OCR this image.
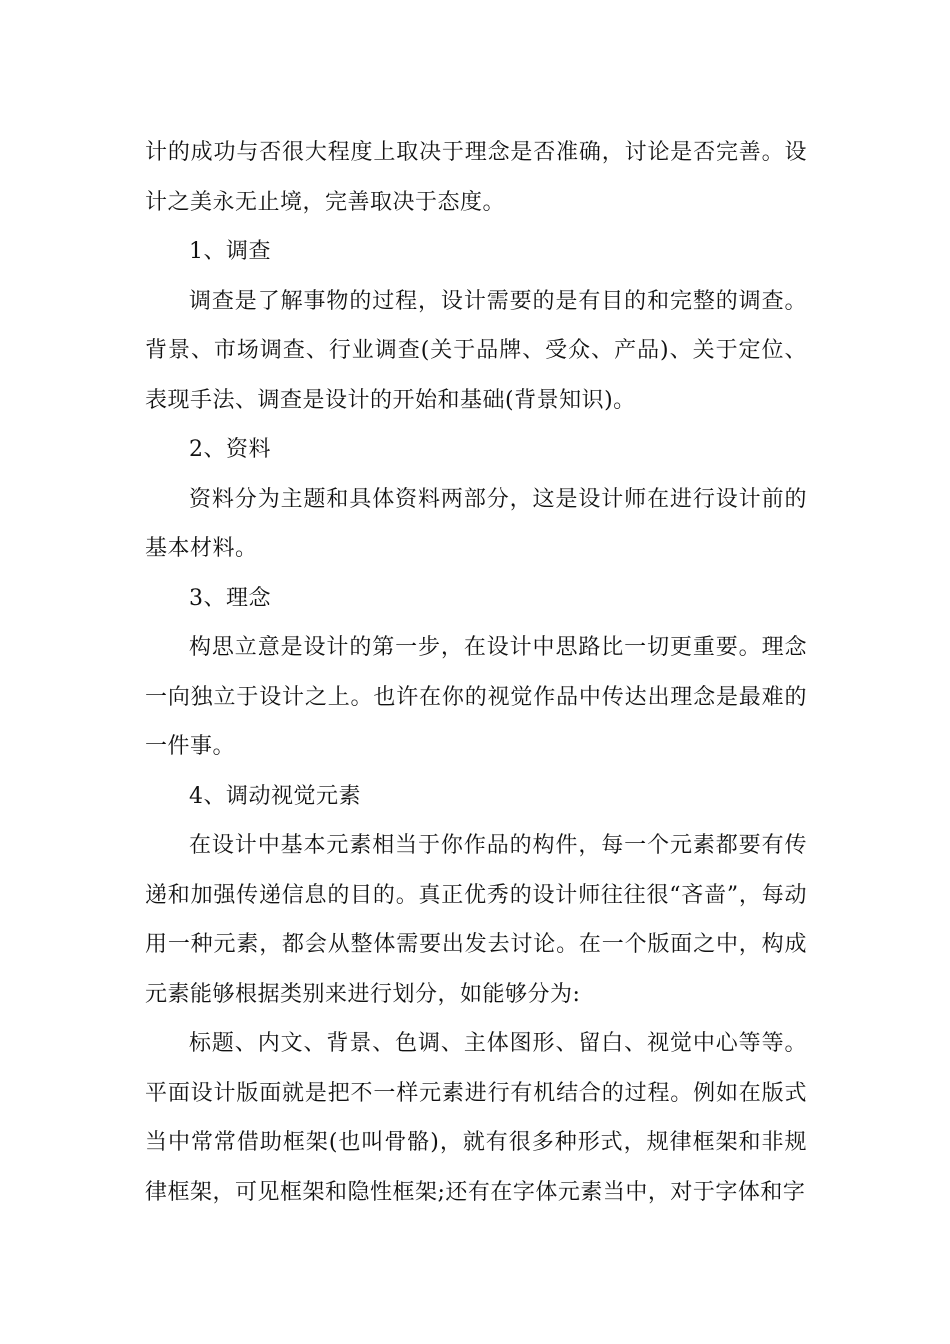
计的成功与否很大程度上取决于理念是否准确，讨论是否完善。设计之美永无止境，完善取决于态度。

1、调查

调查是了解事物的过程，设计需要的是有目的和完整的调查。背景、市场调查、行业调查(关于品牌、受众、产品)、关于定位、表现手法、调查是设计的开始和基础(背景知识)。

2、资料

资料分为主题和具体资料两部分，这是设计师在进行设计前的基本材料。

3、理念

构思立意是设计的第一步，在设计中思路比一切更重要。理念一向独立于设计之上。也许在你的视觉作品中传达出理念是最难的一件事。

4、调动视觉元素

在设计中基本元素相当于你作品的构件，每一个元素都要有传递和加强传递信息的目的。真正优秀的设计师往往很“吝啬”，每动用一种元素，都会从整体需要出发去讨论。在一个版面之中，构成元素能够根据类别来进行划分，如能够分为:

标题、内文、背景、色调、主体图形、留白、视觉中心等等。平面设计版面就是把不一样元素进行有机结合的过程。例如在版式当中常常借助框架(也叫骨骼)，就有很多种形式，规律框架和非规律框架，可见框架和隐性框架;还有在字体元素当中，对于字体和字
